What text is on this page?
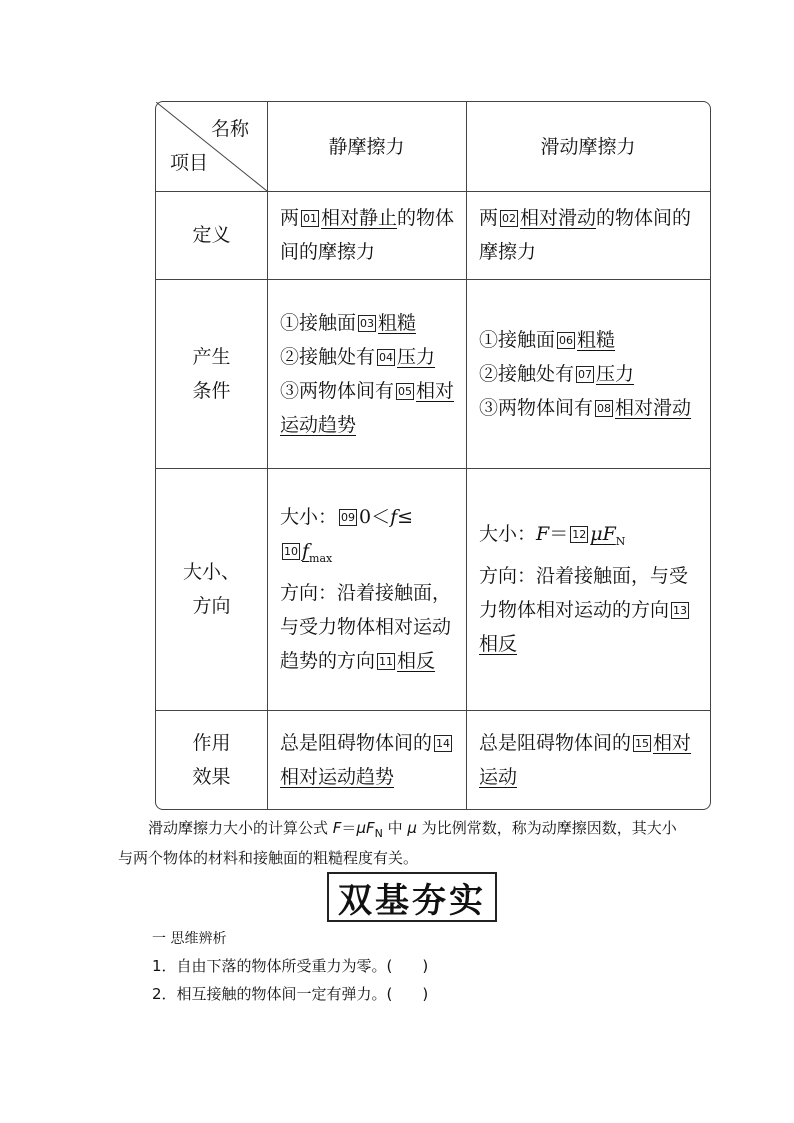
名称
项目
静摩擦力	滑动摩擦力
定义
两 01 相对静止的物体间的摩擦力
两 02 相对滑动的物体间的摩擦力
产生
条件
①接触面 03 粗糙
②接触处有 04 压力
③两物体间有 05 相对运动趋势
①接触面 06 粗糙
②接触处有 07 压力
③两物体间有 08 相对滑动
大小、
方向
大小： 09 0＜f≤
10 $f_{max}$
方向：沿着接触面，与受力物体相对运动趋势的方向 11 相反
大小：F＝ 12 $\mu F_N$
方向：沿着接触面，与受力物体相对运动的方向 13相反
作用
效果
总是阻碍物体间的 14相对运动趋势
总是阻碍物体间的 15 相对运动
滑动摩擦力大小的计算公式 $F=\mu F_N$ 中 μ 为比例常数，称为动摩擦因数，其大小与两个物体的材料和接触面的粗糙程度有关。
双基夯实
一 思维辨析
1．自由下落的物体所受重力为零。(　　)
2．相互接触的物体间一定有弹力。(　　)
